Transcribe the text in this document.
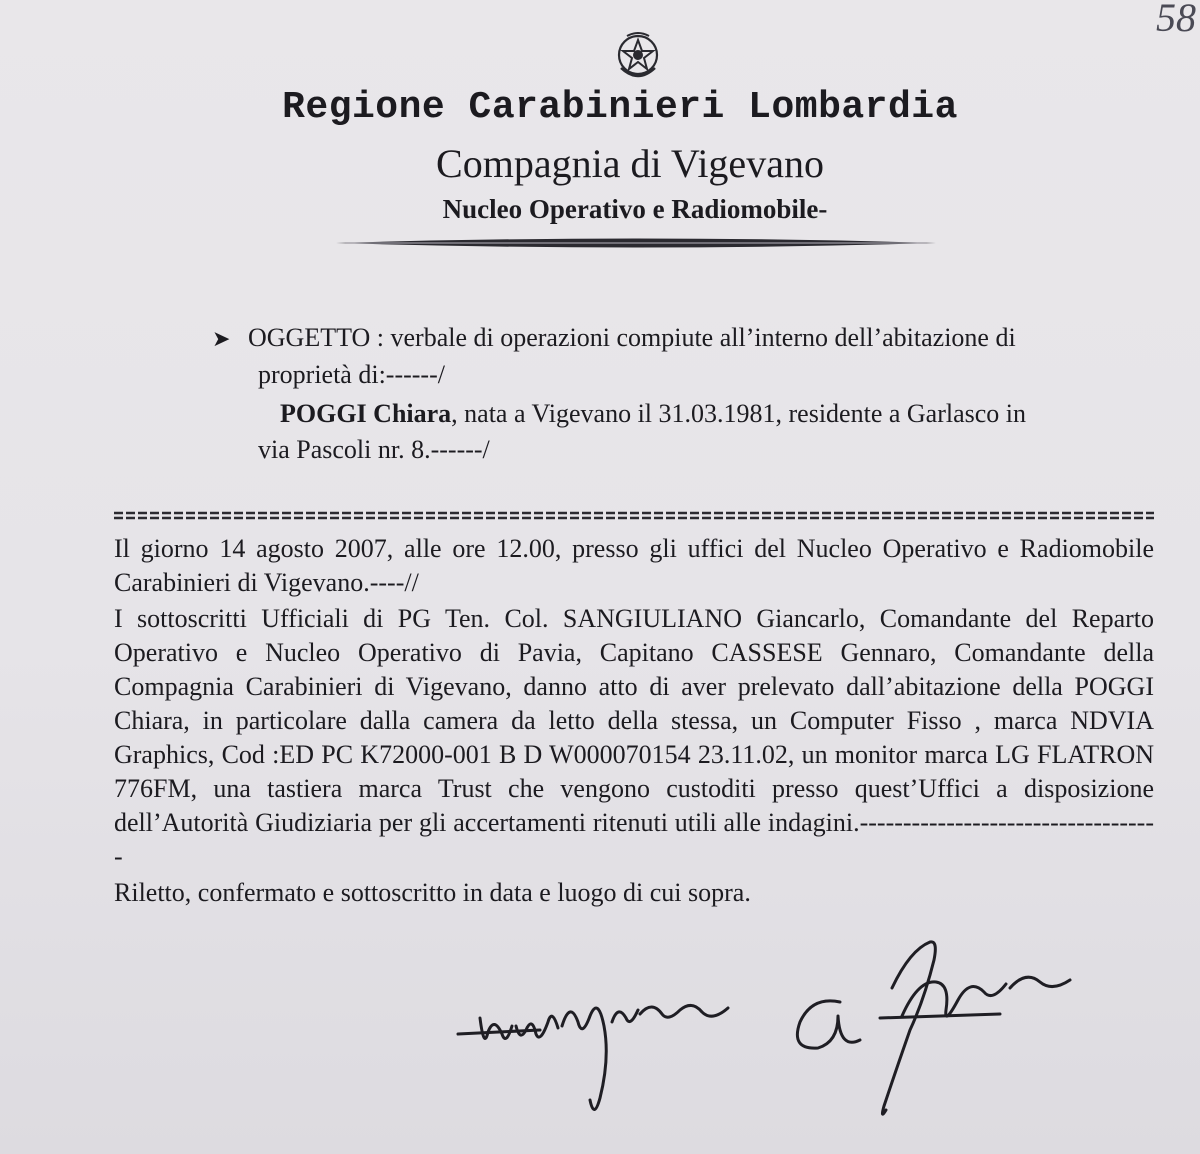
58
Regione Carabinieri Lombardia
Compagnia di Vigevano
Nucleo Operativo e Radiomobile-
➤ OGGETTO : verbale di operazioni compiute all’interno dell’abitazione di
proprietà di:------/
POGGI Chiara, nata a Vigevano il 31.03.1981, residente a Garlasco in
via Pascoli nr. 8.------/

Il giorno 14 agosto 2007, alle ore 12.00, presso gli uffici del Nucleo Operativo e Radiomobile Carabinieri di Vigevano.----//

I sottoscritti Ufficiali di PG Ten. Col. SANGIULIANO Giancarlo, Comandante del Reparto Operativo e Nucleo Operativo di Pavia, Capitano CASSESE Gennaro, Comandante della Compagnia Carabinieri di Vigevano, danno atto di aver prelevato dall’abitazione della POGGI Chiara, in particolare dalla camera da letto della stessa, un Computer Fisso , marca NDVIA Graphics, Cod :ED PC K72000-001 B D W000070154 23.11.02, un monitor marca LG FLATRON 776FM, una tastiera marca Trust che vengono custoditi presso quest’Uffici a disposizione dell’Autorità Giudiziaria per gli accertamenti ritenuti utili alle indagini.-----------------------------------

Riletto, confermato e sottoscritto in data e luogo di cui sopra.
